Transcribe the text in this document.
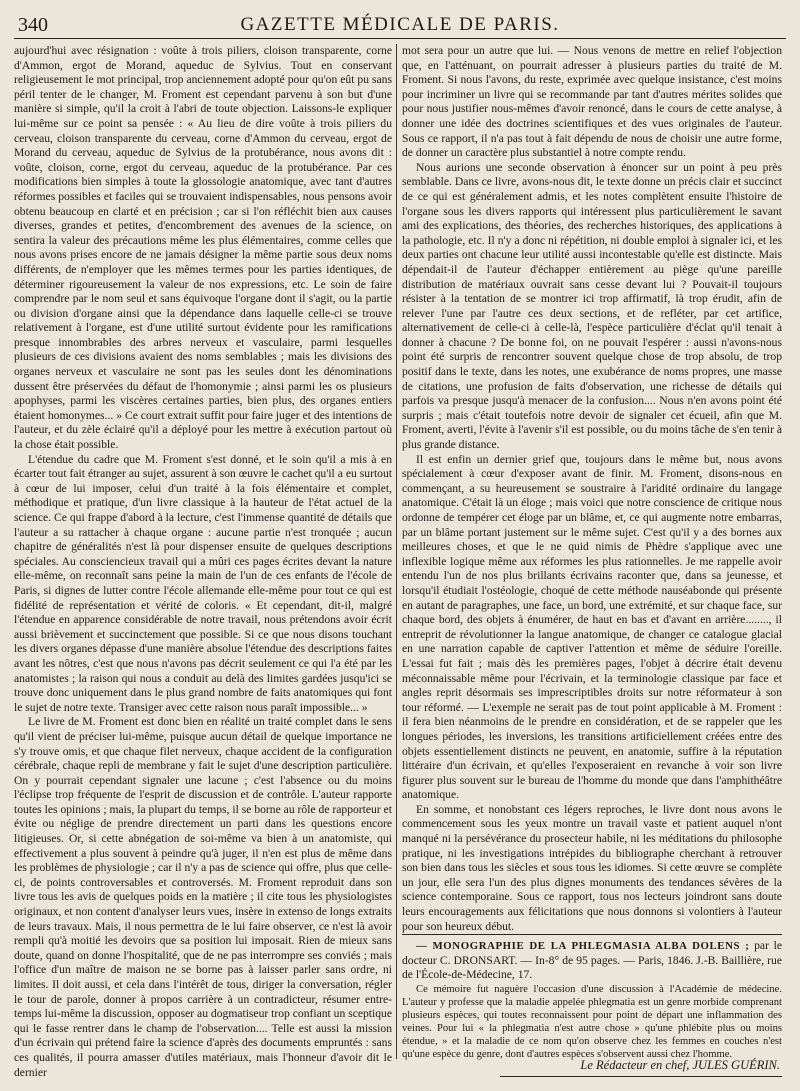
340	GAZETTE MÉDICALE DE PARIS.

aujourd'hui avec résignation : voûte à trois piliers, cloison transparente, corne d'Ammon, ergot de Morand, aqueduc de Sylvius. Tout en conservant religieusement le mot principal, trop anciennement adopté pour qu'on eût pu sans péril tenter de le changer, M. Froment est cependant parvenu à son but d'une manière si simple, qu'il la croit à l'abri de toute objection. Laissons-le expliquer lui-même sur ce point sa pensée : « Au lieu de dire voûte à trois piliers du cerveau, cloison transparente du cerveau, corne d'Ammon du cerveau, ergot de Morand du cerveau, aqueduc de Sylvius de la protubérance, nous avons dit : voûte, cloison, corne, ergot du cerveau, aqueduc de la protubérance. Par ces modifications bien simples à toute la glossologie anatomique, avec tant d'autres réformes possibles et faciles qui se trouvaient indispensables, nous pensons avoir obtenu beaucoup en clarté et en précision ; car si l'on réfléchit bien aux causes diverses, grandes et petites, d'encombrement des avenues de la science, on sentira la valeur des précautions même les plus élémentaires, comme celles que nous avons prises encore de ne jamais désigner la même partie sous deux noms différents, de n'employer que les mêmes termes pour les parties identiques, de déterminer rigoureusement la valeur de nos expressions, etc. Le soin de faire comprendre par le nom seul et sans équivoque l'organe dont il s'agit, ou la partie ou division d'organe ainsi que la dépendance dans laquelle celle-ci se trouve relativement à l'organe, est d'une utilité surtout évidente pour les ramifications presque innombrables des arbres nerveux et vasculaire, parmi lesquelles plusieurs de ces divisions avaient des noms semblables ; mais les divisions des organes nerveux et vasculaire ne sont pas les seules dont les dénominations dussent être préservées du défaut de l'homonymie ; ainsi parmi les os plusieurs apophyses, parmi les viscères certaines parties, bien plus, des organes entiers étaient homonymes... » Ce court extrait suffit pour faire juger et des intentions de l'auteur, et du zèle éclairé qu'il a déployé pour les mettre à exécution partout où la chose était possible.

L'étendue du cadre que M. Froment s'est donné, et le soin qu'il a mis à en écarter tout fait étranger au sujet, assurent à son œuvre le cachet qu'il a eu surtout à cœur de lui imposer, celui d'un traité à la fois élémentaire et complet, méthodique et pratique, d'un livre classique à la hauteur de l'état actuel de la science. Ce qui frappe d'abord à la lecture, c'est l'immense quantité de détails que l'auteur a su rattacher à chaque organe : aucune partie n'est tronquée ; aucun chapitre de généralités n'est là pour dispenser ensuite de quelques descriptions spéciales. Au consciencieux travail qui a mûri ces pages écrites devant la nature elle-même, on reconnaît sans peine la main de l'un de ces enfants de l'école de Paris, si dignes de lutter contre l'école allemande elle-même pour tout ce qui est fidélité de représentation et vérité de coloris. « Et cependant, dit-il, malgré l'étendue en apparence considérable de notre travail, nous prétendons avoir écrit aussi brièvement et succinctement que possible. Si ce que nous disons touchant les divers organes dépasse d'une manière absolue l'étendue des descriptions faites avant les nôtres, c'est que nous n'avons pas décrit seulement ce qui l'a été par les anatomistes ; la raison qui nous a conduit au delà des limites gardées jusqu'ici se trouve donc uniquement dans le plus grand nombre de faits anatomiques qui font le sujet de notre texte. Transiger avec cette raison nous paraît impossible... »

Le livre de M. Froment est donc bien en réalité un traité complet dans le sens qu'il vient de préciser lui-même, puisque aucun détail de quelque importance ne s'y trouve omis, et que chaque filet nerveux, chaque accident de la configuration cérébrale, chaque repli de membrane y fait le sujet d'une description particulière. On y pourrait cependant signaler une lacune ; c'est l'absence ou du moins l'éclipse trop fréquente de l'esprit de discussion et de contrôle. L'auteur rapporte toutes les opinions ; mais, la plupart du temps, il se borne au rôle de rapporteur et évite ou néglige de prendre directement un parti dans les questions encore litigieuses. Or, si cette abnégation de soi-même va bien à un anatomiste, qui effectivement a plus souvent à peindre qu'à juger, il n'en est plus de même dans les problèmes de physiologie ; car il n'y a pas de science qui offre, plus que celle-ci, de points controversables et controversés. M. Froment reproduit dans son livre tous les avis de quelques poids en la matière ; il cite tous les physiologistes originaux, et non content d'analyser leurs vues, insère in extenso de longs extraits de leurs travaux. Mais, il nous permettra de le lui faire observer, ce n'est là avoir rempli qu'à moitié les devoirs que sa position lui imposait. Rien de mieux sans doute, quand on donne l'hospitalité, que de ne pas interrompre ses conviés ; mais l'office d'un maître de maison ne se borne pas à laisser parler sans ordre, ni limites. Il doit aussi, et cela dans l'intérêt de tous, diriger la conversation, régler le tour de parole, donner à propos carrière à un contradicteur, résumer entre-temps lui-même la discussion, opposer au dogmatiseur trop confiant un sceptique qui le fasse rentrer dans le champ de l'observation.... Telle est aussi la mission d'un écrivain qui prétend faire la science d'après des documents empruntés : sans ces qualités, il pourra amasser d'utiles matériaux, mais l'honneur d'avoir dit le dernier

mot sera pour un autre que lui. — Nous venons de mettre en relief l'objection que, en l'atténuant, on pourrait adresser à plusieurs parties du traité de M. Froment. Si nous l'avons, du reste, exprimée avec quelque insistance, c'est moins pour incriminer un livre qui se recommande par tant d'autres mérites solides que pour nous justifier nous-mêmes d'avoir renoncé, dans le cours de cette analyse, à donner une idée des doctrines scientifiques et des vues originales de l'auteur. Sous ce rapport, il n'a pas tout à fait dépendu de nous de choisir une autre forme, de donner un caractère plus substantiel à notre compte rendu.

Nous aurions une seconde observation à énoncer sur un point à peu près semblable. Dans ce livre, avons-nous dit, le texte donne un précis clair et succinct de ce qui est généralement admis, et les notes complètent ensuite l'histoire de l'organe sous les divers rapports qui intéressent plus particulièrement le savant ami des explications, des théories, des recherches historiques, des applications à la pathologie, etc. Il n'y a donc ni répétition, ni double emploi à signaler ici, et les deux parties ont chacune leur utilité aussi incontestable qu'elle est distincte. Mais dépendait-il de l'auteur d'échapper entièrement au piège qu'une pareille distribution de matériaux ouvrait sans cesse devant lui ? Pouvait-il toujours résister à la tentation de se montrer ici trop affirmatif, là trop érudit, afin de relever l'une par l'autre ces deux sections, et de refléter, par cet artifice, alternativement de celle-ci à celle-là, l'espèce particulière d'éclat qu'il tenait à donner à chacune ? De bonne foi, on ne pouvait l'espérer : aussi n'avons-nous point été surpris de rencontrer souvent quelque chose de trop absolu, de trop positif dans le texte, dans les notes, une exubérance de noms propres, une masse de citations, une profusion de faits d'observation, une richesse de détails qui parfois va presque jusqu'à menacer de la confusion.... Nous n'en avons point été surpris ; mais c'était toutefois notre devoir de signaler cet écueil, afin que M. Froment, averti, l'évite à l'avenir s'il est possible, ou du moins tâche de s'en tenir à plus grande distance.

Il est enfin un dernier grief que, toujours dans le même but, nous avons spécialement à cœur d'exposer avant de finir. M. Froment, disons-nous en commençant, a su heureusement se soustraire à l'aridité ordinaire du langage anatomique. C'était là un éloge ; mais voici que notre conscience de critique nous ordonne de tempérer cet éloge par un blâme, et, ce qui augmente notre embarras, par un blâme portant justement sur le même sujet. C'est qu'il y a des bornes aux meilleures choses, et que le ne quid nimis de Phèdre s'applique avec une inflexible logique même aux réformes les plus rationnelles. Je me rappelle avoir entendu l'un de nos plus brillants écrivains raconter que, dans sa jeunesse, et lorsqu'il étudiait l'ostéologie, choqué de cette méthode nauséabonde qui présente en autant de paragraphes, une face, un bord, une extrémité, et sur chaque face, sur chaque bord, des objets à énumérer, de haut en bas et d'avant en arrière........, il entreprit de révolutionner la langue anatomique, de changer ce catalogue glacial en une narration capable de captiver l'attention et même de séduire l'oreille. L'essai fut fait ; mais dès les premières pages, l'objet à décrire était devenu méconnaissable même pour l'écrivain, et la terminologie classique par face et angles reprit désormais ses imprescriptibles droits sur notre réformateur à son tour réformé. — L'exemple ne serait pas de tout point applicable à M. Froment : il fera bien néanmoins de le prendre en considération, et de se rappeler que les longues périodes, les inversions, les transitions artificiellement créées entre des objets essentiellement distincts ne peuvent, en anatomie, suffire à la réputation littéraire d'un écrivain, et qu'elles l'exposeraient en revanche à voir son livre figurer plus souvent sur le bureau de l'homme du monde que dans l'amphithéâtre anatomique.

En somme, et nonobstant ces légers reproches, le livre dont nous avons le commencement sous les yeux montre un travail vaste et patient auquel n'ont manqué ni la persévérance du prosecteur habile, ni les méditations du philosophe pratique, ni les investigations intrépides du bibliographe cherchant à retrouver son bien dans tous les siècles et sous tous les idiomes. Si cette œuvre se complète un jour, elle sera l'un des plus dignes monuments des tendances sévères de la science contemporaine. Sous ce rapport, tous nos lecteurs joindront sans doute leurs encouragements aux félicitations que nous donnons si volontiers à l'auteur pour son heureux début.

— MONOGRAPHIE DE LA PHLEGMASIA ALBA DOLENS ; par le docteur C. DRONSART. — In-8° de 95 pages. — Paris, 1846. J.-B. Baillière, rue de l'École-de-Médecine, 17.

Ce mémoire fut naguère l'occasion d'une discussion à l'Académie de médecine. L'auteur y professe que la maladie appelée phlegmatia est un genre morbide comprenant plusieurs espèces, qui toutes reconnaissent pour point de départ une inflammation des veines. Pour lui « la phlegmatia n'est autre chose » qu'une phlébite plus ou moins étendue, » et la maladie de ce nom qu'on observe chez les femmes en couches n'est qu'une espèce du genre, dont d'autres espèces s'observent aussi chez l'homme.

Le Rédacteur en chef, JULES GUÉRIN.
